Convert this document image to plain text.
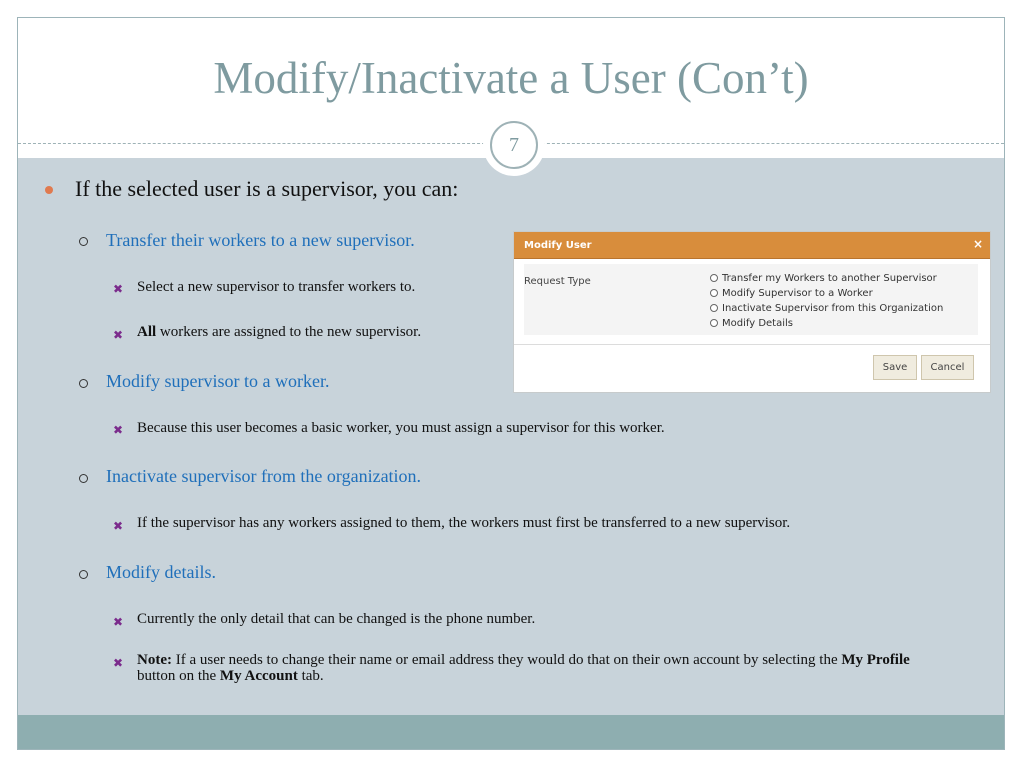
Modify/Inactivate a User (Con’t)
7
If the selected user is a supervisor, you can:
Transfer their workers to a new supervisor.
✖ Select a new supervisor to transfer workers to.
✖ All workers are assigned to the new supervisor.
Modify supervisor to a worker.
✖ Because this user becomes a basic worker, you must assign a supervisor for this worker.
Inactivate supervisor from the organization.
✖ If the supervisor has any workers assigned to them, the workers must first be transferred to a new supervisor.
Modify details.
✖ Currently the only detail that can be changed is the phone number.
✖ Note: If a user needs to change their name or email address they would do that on their own account by selecting the My Profile button on the My Account tab.
Modify User	×
Request Type	Transfer my Workers to another Supervisor
Modify Supervisor to a Worker
Inactivate Supervisor from this Organization
Modify Details
Save	Cancel
